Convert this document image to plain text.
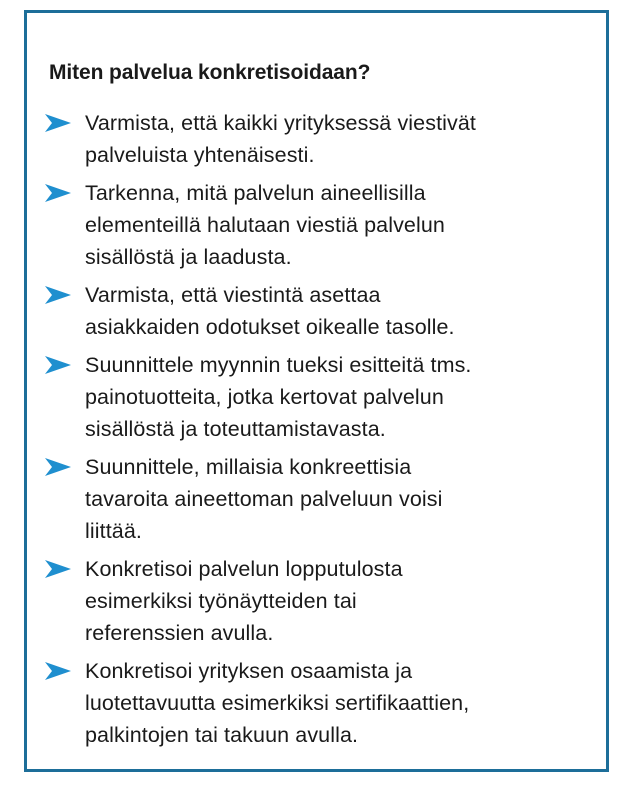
Miten palvelua konkretisoidaan?
Varmista, että kaikki yrityksessä viestivät
palveluista yhtenäisesti.
Tarkenna, mitä palvelun aineellisilla
elementeillä halutaan viestiä palvelun
sisällöstä ja laadusta.
Varmista, että viestintä asettaa
asiakkaiden odotukset oikealle tasolle.
Suunnittele myynnin tueksi esitteitä tms.
painotuotteita, jotka kertovat palvelun
sisällöstä ja toteuttamistavasta.
Suunnittele, millaisia konkreettisia
tavaroita aineettoman palveluun voisi
liittää.
Konkretisoi palvelun lopputulosta
esimerkiksi työnäytteiden tai
referenssien avulla.
Konkretisoi yrityksen osaamista ja
luotettavuutta esimerkiksi sertifikaattien,
palkintojen tai takuun avulla.
